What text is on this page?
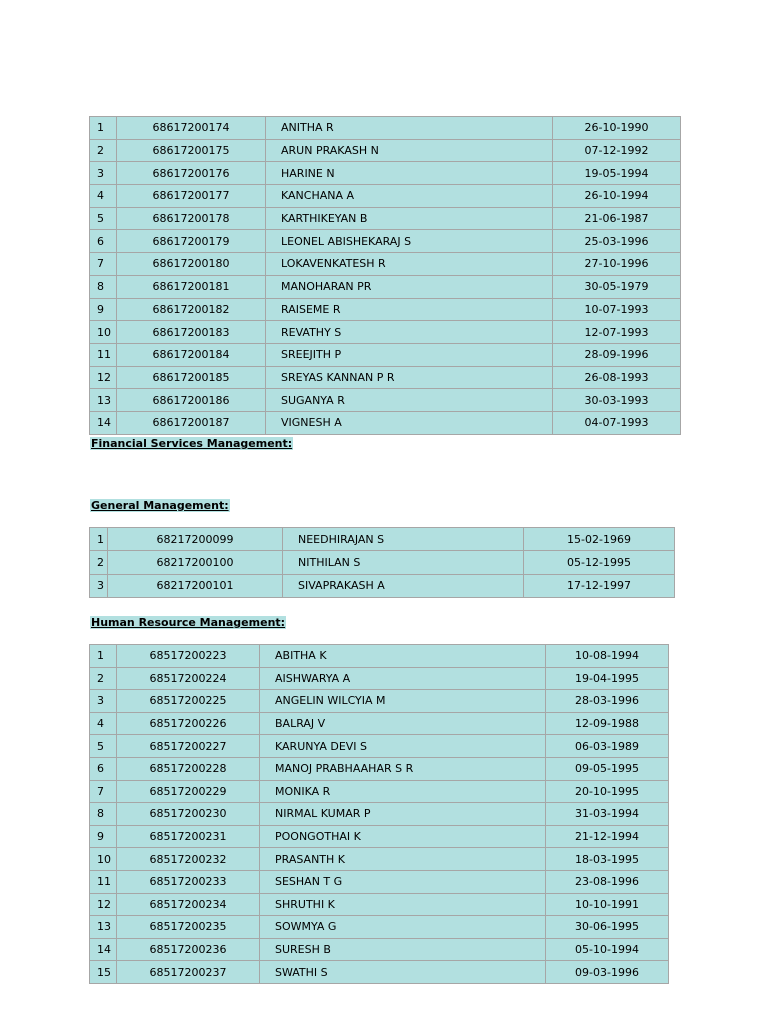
1	68617200174	ANITHA R	26-10-1990
2	68617200175	ARUN PRAKASH N	07-12-1992
3	68617200176	HARINE N	19-05-1994
4	68617200177	KANCHANA A	26-10-1994
5	68617200178	KARTHIKEYAN B	21-06-1987
6	68617200179	LEONEL ABISHEKARAJ S	25-03-1996
7	68617200180	LOKAVENKATESH R	27-10-1996
8	68617200181	MANOHARAN PR	30-05-1979
9	68617200182	RAISEME R	10-07-1993
10	68617200183	REVATHY S	12-07-1993
11	68617200184	SREEJITH P	28-09-1996
12	68617200185	SREYAS KANNAN P R	26-08-1993
13	68617200186	SUGANYA R	30-03-1993
14	68617200187	VIGNESH A	04-07-1993
Financial Services Management:
General Management:
1	68217200099	NEEDHIRAJAN S	15-02-1969
2	68217200100	NITHILAN S	05-12-1995
3	68217200101	SIVAPRAKASH A	17-12-1997
Human Resource Management:
1	68517200223	ABITHA K	10-08-1994
2	68517200224	AISHWARYA A	19-04-1995
3	68517200225	ANGELIN WILCYIA M	28-03-1996
4	68517200226	BALRAJ V	12-09-1988
5	68517200227	KARUNYA DEVI S	06-03-1989
6	68517200228	MANOJ PRABHAAHAR S R	09-05-1995
7	68517200229	MONIKA R	20-10-1995
8	68517200230	NIRMAL KUMAR P	31-03-1994
9	68517200231	POONGOTHAI K	21-12-1994
10	68517200232	PRASANTH K	18-03-1995
11	68517200233	SESHAN T G	23-08-1996
12	68517200234	SHRUTHI K	10-10-1991
13	68517200235	SOWMYA G	30-06-1995
14	68517200236	SURESH B	05-10-1994
15	68517200237	SWATHI S	09-03-1996
